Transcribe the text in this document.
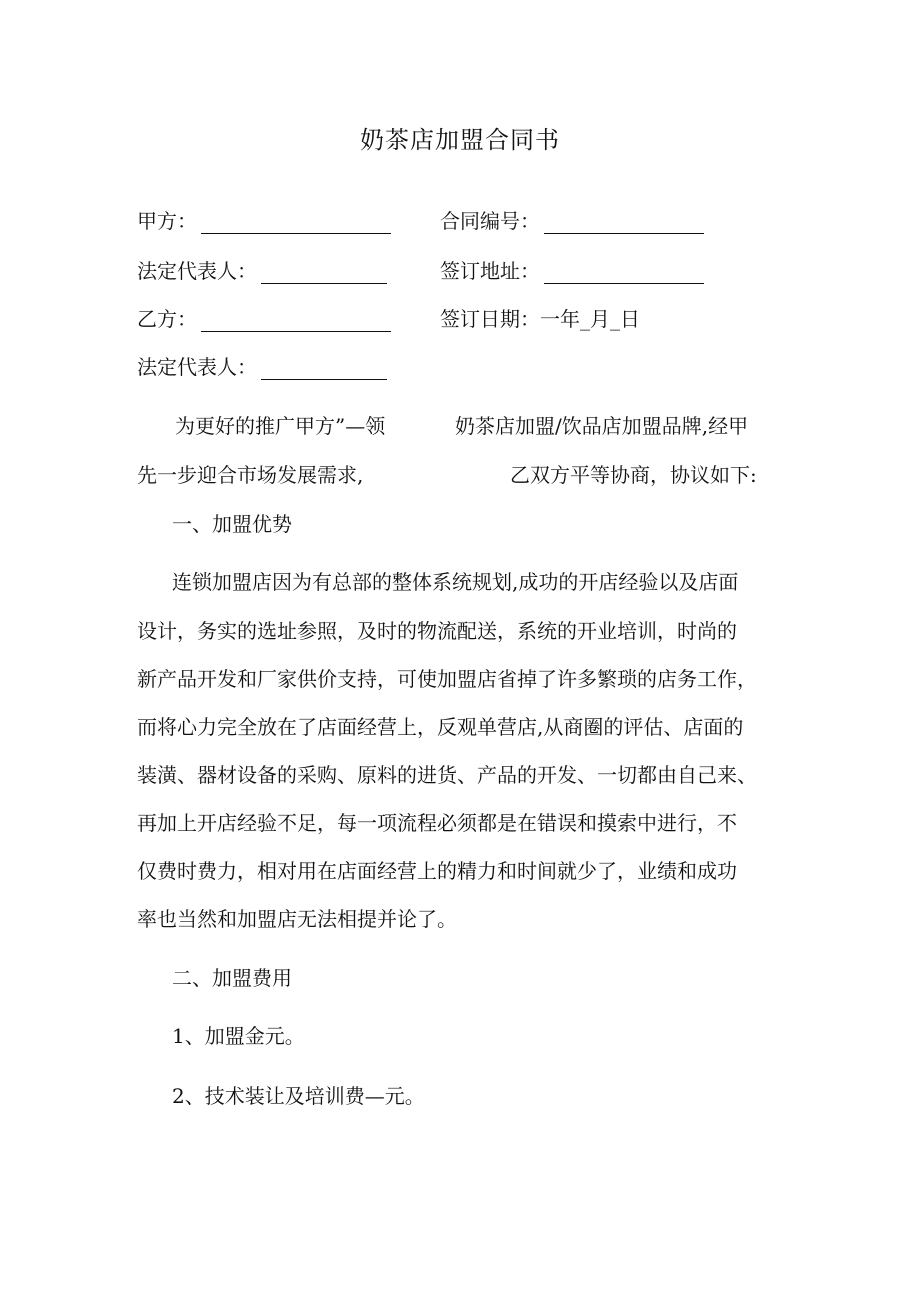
奶茶店加盟合同书
甲方：	合同编号：
法定代表人：	签订地址：
乙方：	签订日期： 一年_月_日
法定代表人：
为更好的推广甲方”—领	奶茶店加盟/饮品店加盟品牌,经甲
先一步迎合市场发展需求,	乙双方平等协商，协议如下:
一、加盟优势
连锁加盟店因为有总部的整体系统规划,成功的开店经验以及店面
设计，务实的选址参照，及时的物流配送，系统的开业培训，时尚的
新产品开发和厂家供价支持，可使加盟店省掉了许多繁琐的店务工作，
而将心力完全放在了店面经营上，反观单营店,从商圈的评估、店面的
装潢、器材设备的采购、原料的进货、产品的开发、一切都由自己来、
再加上开店经验不足，每一项流程必须都是在错误和摸索中进行，不
仅费时费力，相对用在店面经营上的精力和时间就少了，业绩和成功
率也当然和加盟店无法相提并论了。
二、加盟费用
1、加盟金元。
2、技术装让及培训费—元。
